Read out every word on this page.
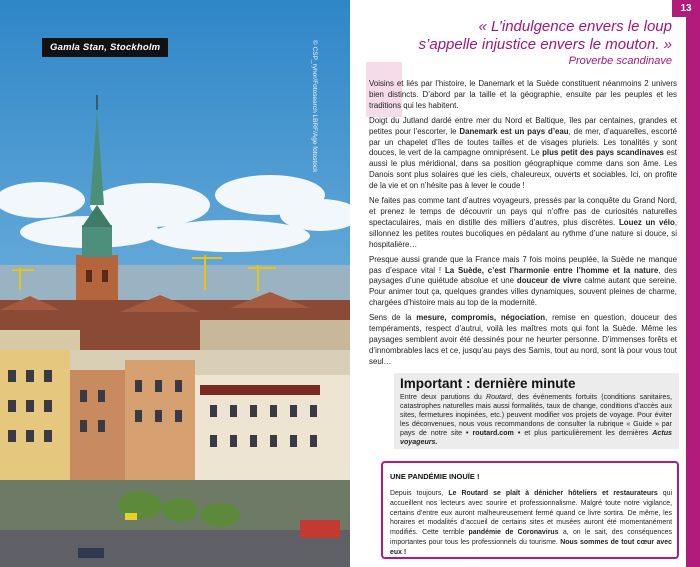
Gamla Stan, Stockholm	© CSP_ryhor/Fotosearch LBRF/Age fotostock
13
« L’indulgence envers le loup
s’appelle injustice envers le mouton. »
Proverbe scandinave

Voisins et liés par l’histoire, le Danemark et la Suède constituent néanmoins 2 univers bien distincts. D’abord par la taille et la géographie, ensuite par les peuples et les traditions qui les habitent.

Doigt du Jutland dardé entre mer du Nord et Baltique, îles par centaines, grandes et petites pour l’escorter, le Danemark est un pays d’eau, de mer, d’aquarelles, escorté par un chapelet d’îles de toutes tailles et de visages pluriels. Les tonalités y sont douces, le vert de la campagne omniprésent. Le plus petit des pays scandinaves est aussi le plus méridional, dans sa position géographique comme dans son âme. Les Danois sont plus solaires que les ciels, chaleureux, ouverts et sociables. Ici, on profite de la vie et on n’hésite pas à lever le coude !

Ne faites pas comme tant d’autres voyageurs, pressés par la conquête du Grand Nord, et prenez le temps de découvrir un pays qui n’offre pas de curiosités naturelles spectaculaires, mais en distille des milliers d’autres, plus discrètes. Louez un vélo, sillonnez les petites routes bucoliques en pédalant au rythme d’une nature si douce, si hospitalière…

Presque aussi grande que la France mais 7 fois moins peuplée, la Suède ne manque pas d’espace vital ! La Suède, c’est l’harmonie entre l’homme et la nature, des paysages d’une quiétude absolue et une douceur de vivre calme autant que sereine. Pour animer tout ça, quelques grandes villes dynamiques, souvent pleines de charme, chargées d’histoire mais au top de la modernité.

Sens de la mesure, compromis, négociation, remise en question, douceur des tempéraments, respect d’autrui, voilà les maîtres mots qui font la Suède. Même les paysages semblent avoir été dessinés pour ne heurter personne. D’immenses forêts et d’innombrables lacs et ce, jusqu’au pays des Samis, tout au nord, sont là pour vous tout seul…

Important : dernière minute
Entre deux parutions du Routard, des événements fortuits (conditions sanitaires, catastrophes naturelles mais aussi formalités, taux de change, conditions d’accès aux sites, fermetures inopinées, etc.) peuvent modifier vos projets de voyage. Pour éviter les déconvenues, nous vous recommandons de consulter la rubrique « Guide » par pays de notre site • routard.com • et plus particulièrement les dernières Actus voyageurs.
UNE PANDÉMIE INOUÏE !
Depuis toujours, Le Routard se plaît à dénicher hôteliers et restaurateurs qui accueillent nos lecteurs avec sourire et professionnalisme. Malgré toute notre vigilance, certains d’entre eux auront malheureusement fermé quand ce livre sortira. De même, les horaires et modalités d’accueil de certains sites et musées auront été momentanément modifiés. Cette terrible pandémie de Coronavirus a, on le sait, des conséquences importantes pour tous les professionnels du tourisme. Nous sommes de tout cœur avec eux !
